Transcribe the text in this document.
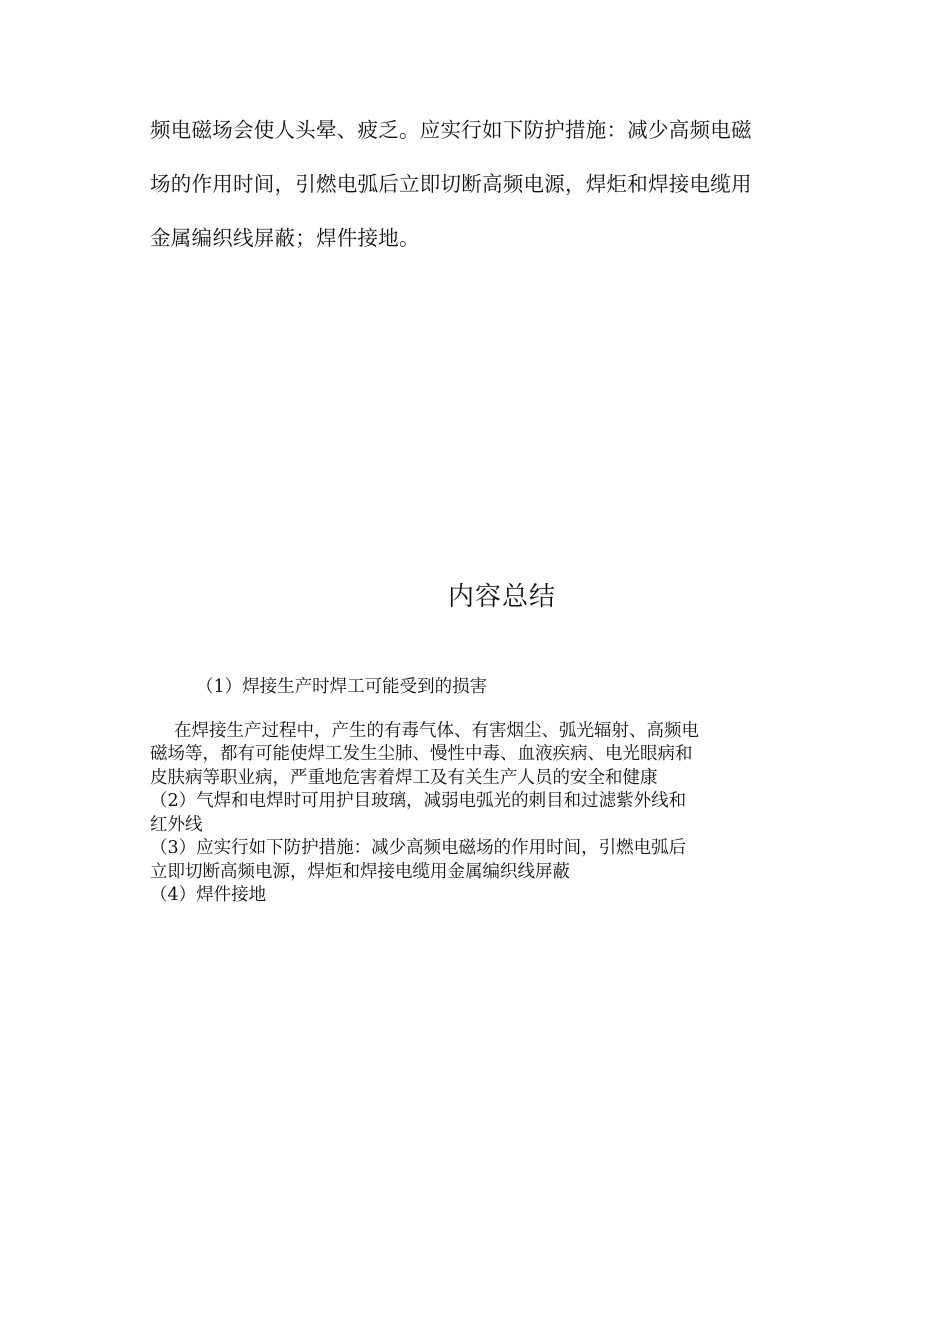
频电磁场会使人头晕、疲乏。应实行如下防护措施：减少高频电磁
场的作用时间，引燃电弧后立即切断高频电源，焊炬和焊接电缆用
金属编织线屏蔽；焊件接地。
内容总结
（1）焊接生产时焊工可能受到的损害
在焊接生产过程中，产生的有毒气体、有害烟尘、弧光辐射、高频电
磁场等，都有可能使焊工发生尘肺、慢性中毒、血液疾病、电光眼病和
皮肤病等职业病，严重地危害着焊工及有关生产人员的安全和健康
（2）气焊和电焊时可用护目玻璃，减弱电弧光的刺目和过滤紫外线和
红外线
（3）应实行如下防护措施：减少高频电磁场的作用时间，引燃电弧后
立即切断高频电源，焊炬和焊接电缆用金属编织线屏蔽
（4）焊件接地
